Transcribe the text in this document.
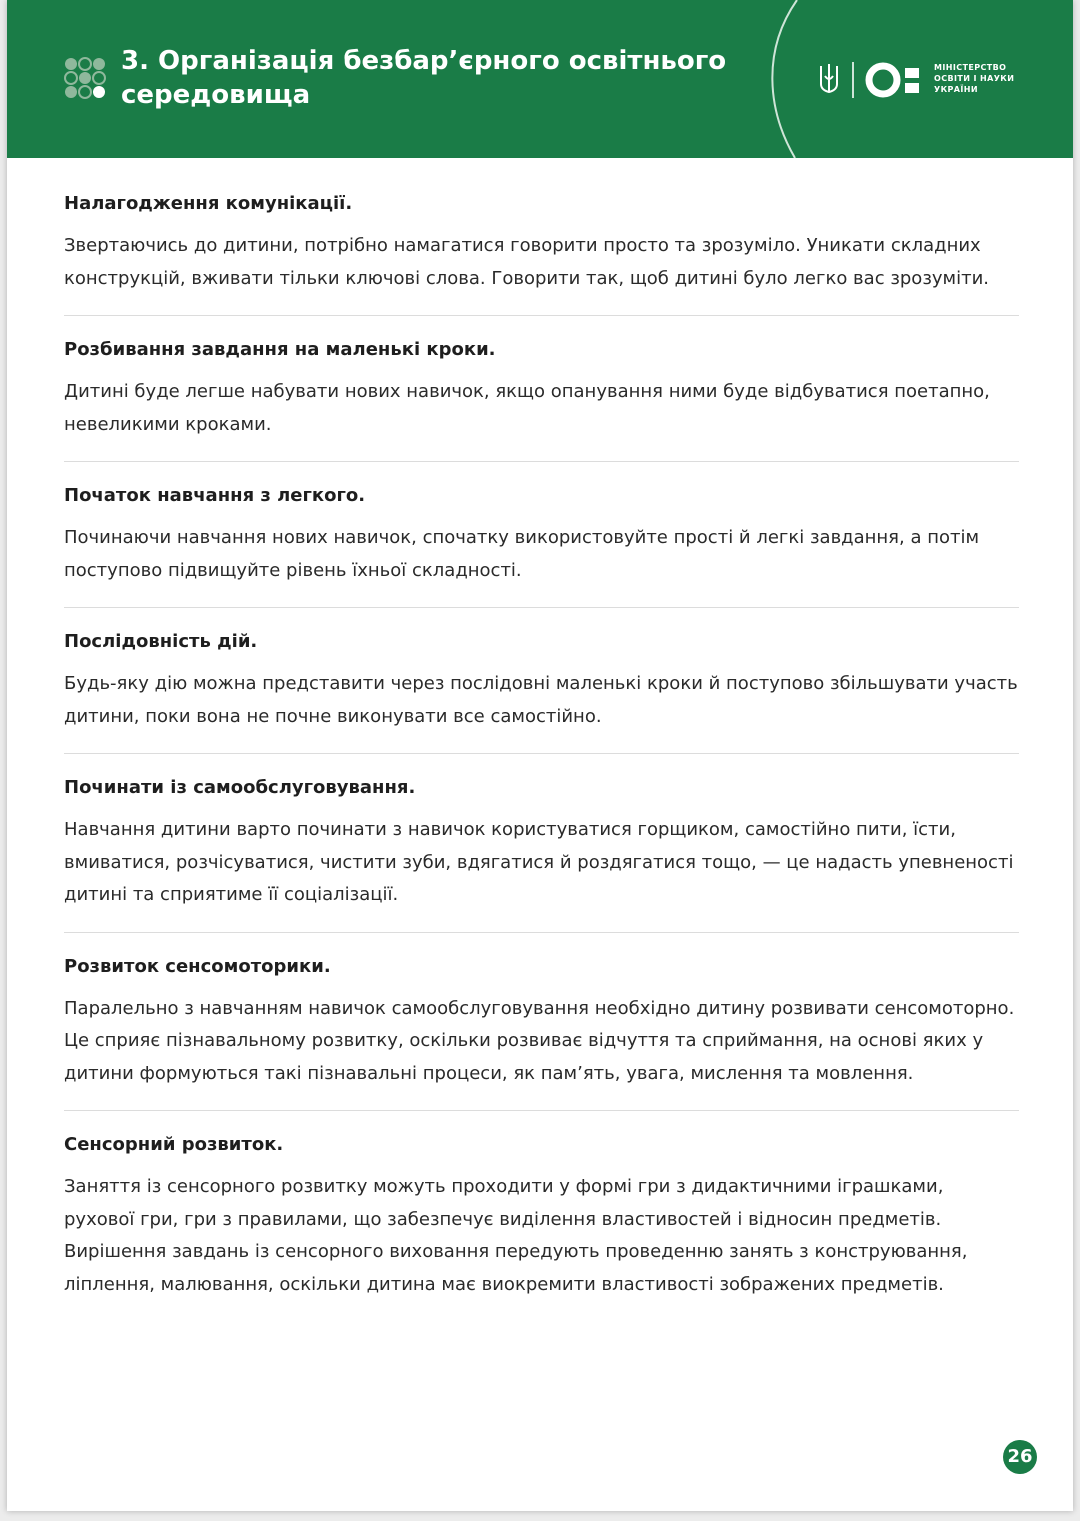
3. Організація безбар’єрного освітнього середовища
МІНІСТЕРСТВО
ОСВІТИ І НАУКИ
УКРАЇНИ

Налагодження комунікації.

Звертаючись до дитини, потрібно намагатися говорити просто та зрозуміло. Уникати складних конструкцій, вживати тільки ключові слова. Говорити так, щоб дитині було легко вас зрозуміти.

Розбивання завдання на маленькі кроки.

Дитині буде легше набувати нових навичок, якщо опанування ними буде відбуватися поетапно, невеликими кроками.

Початок навчання з легкого.

Починаючи навчання нових навичок, спочатку використовуйте прості й легкі завдання, а потім поступово підвищуйте рівень їхньої складності.

Послідовність дій.

Будь-яку дію можна представити через послідовні маленькі кроки й поступово збільшувати участь дитини, поки вона не почне виконувати все самостійно.

Починати із самообслуговування.

Навчання дитини варто починати з навичок користуватися горщиком, самостійно пити, їсти, вмиватися, розчісуватися, чистити зуби, вдягатися й роздягатися тощо, — це надасть упевненості дитині та сприятиме її соціалізації.

Розвиток сенсомоторики.

Паралельно з навчанням навичок самообслуговування необхідно дитину розвивати сенсомоторно. Це сприяє пізнавальному розвитку, оскільки розвиває відчуття та сприймання, на основі яких у дитини формуються такі пізнавальні процеси, як пам’ять, увага, мислення та мовлення.

Сенсорний розвиток.

Заняття із сенсорного розвитку можуть проходити у формі гри з дидактичними іграшками, рухової гри, гри з правилами, що забезпечує виділення властивостей і відносин предметів. Вирішення завдань із сенсорного виховання передують проведенню занять з конструювання, ліплення, малювання, оскільки дитина має виокремити властивості зображених предметів.

26
